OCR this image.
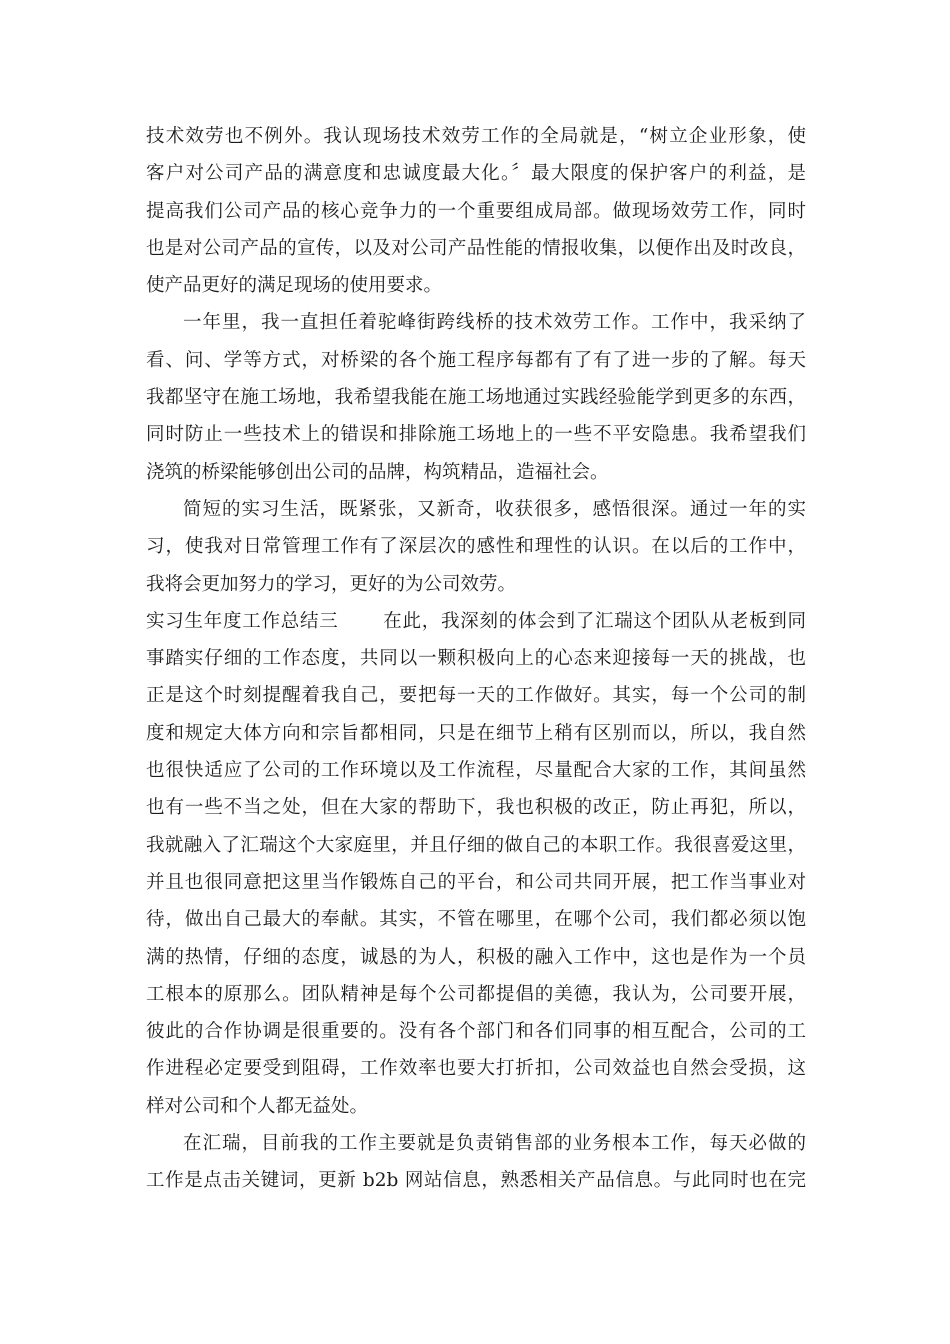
技术效劳也不例外。我认现场技术效劳工作的全局就是，“树立企业形象，使
客户对公司产品的满意度和忠诚度最大化。〞最大限度的保护客户的利益，是
提高我们公司产品的核心竞争力的一个重要组成局部。做现场效劳工作，同时
也是对公司产品的宣传，以及对公司产品性能的情报收集，以便作出及时改良，
使产品更好的满足现场的使用要求。
一年里，我一直担任着驼峰街跨线桥的技术效劳工作。工作中，我采纳了
看、问、学等方式，对桥梁的各个施工程序每都有了有了进一步的了解。每天
我都坚守在施工场地，我希望我能在施工场地通过实践经验能学到更多的东西，
同时防止一些技术上的错误和排除施工场地上的一些不平安隐患。我希望我们
浇筑的桥梁能够创出公司的品牌，构筑精品，造福社会。
简短的实习生活，既紧张，又新奇，收获很多，感悟很深。通过一年的实
习，使我对日常管理工作有了深层次的感性和理性的认识。在以后的工作中，
我将会更加努力的学习，更好的为公司效劳。
实习生年度工作总结三 在此，我深刻的体会到了汇瑞这个团队从老板到同
事踏实仔细的工作态度，共同以一颗积极向上的心态来迎接每一天的挑战，也
正是这个时刻提醒着我自己，要把每一天的工作做好。其实，每一个公司的制
度和规定大体方向和宗旨都相同，只是在细节上稍有区别而以，所以，我自然
也很快适应了公司的工作环境以及工作流程，尽量配合大家的工作，其间虽然
也有一些不当之处，但在大家的帮助下，我也积极的改正，防止再犯，所以，
我就融入了汇瑞这个大家庭里，并且仔细的做自己的本职工作。我很喜爱这里，
并且也很同意把这里当作锻炼自己的平台，和公司共同开展，把工作当事业对
待，做出自己最大的奉献。其实，不管在哪里，在哪个公司，我们都必须以饱
满的热情，仔细的态度，诚恳的为人，积极的融入工作中，这也是作为一个员
工根本的原那么。团队精神是每个公司都提倡的美德，我认为，公司要开展，
彼此的合作协调是很重要的。没有各个部门和各们同事的相互配合，公司的工
作进程必定要受到阻碍，工作效率也要大打折扣，公司效益也自然会受损，这
样对公司和个人都无益处。
在汇瑞，目前我的工作主要就是负责销售部的业务根本工作，每天必做的
工作是点击关键词，更新 b2b 网站信息，熟悉相关产品信息。与此同时也在完
